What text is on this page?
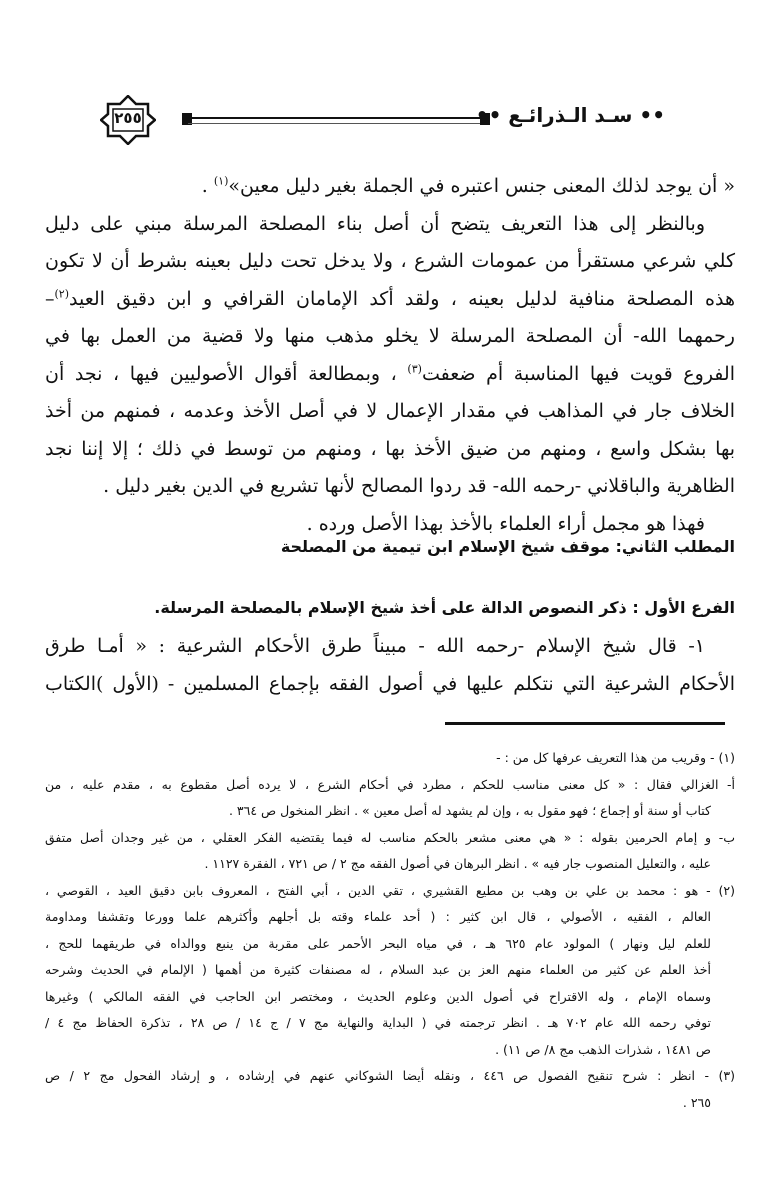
٢٥٥	•• سـد الـذرائـع ••
« أن يوجد لذلك المعنى جنس اعتبره في الجملة بغير دليل معين»$^{(١)}$ .
وبالنظر إلى هذا التعريف يتضح أن أصل بناء المصلحة المرسلة مبني على دليل
كلي شرعي مستقرأ من عمومات الشرع ، ولا يدخل تحت دليل بعينه بشرط أن لا تكون
هذه المصلحة منافية لدليل بعينه ، ولقد أكد الإمامان القرافي و ابن دقيق العيد$^{(٢)}$–
رحمهما الله- أن المصلحة المرسلة لا يخلو مذهب منها ولا قضية من العمل بها في
الفروع قويت فيها المناسبة أم ضعفت$^{(٣)}$ ، وبمطالعة أقوال الأصوليين فيها ، نجد أن
الخلاف جار في المذاهب في مقدار الإعمال لا في أصل الأخذ وعدمه ، فمنهم من أخذ
بها بشكل واسع ، ومنهم من ضيق الأخذ بها ، ومنهم من توسط في ذلك ؛ إلا إننا نجد
الظاهرية والباقلاني -رحمه الله- قد ردوا المصالح لأنها تشريع في الدين بغير دليل .
فهذا هو مجمل أراء العلماء بالأخذ بهذا الأصل ورده .
المطلب الثاني: موقف شيخ الإسلام ابن تيمية من المصلحة
الفرع الأول : ذكر النصوص الدالة على أخذ شيخ الإسلام بالمصلحة المرسلة.
١- قال شيخ الإسلام -رحمه الله - مبيناً طرق الأحكام الشرعية : « أمـا طرق
الأحكام الشرعية التي نتكلم عليها في أصول الفقه بإجماع المسلمين - (الأول )الكتاب
(١) - وقريب من هذا التعريف عرفها كل من : -
أ- الغزالي فقال : « كل معنى مناسب للحكم ، مطرد في أحكام الشرع ، لا يرده أصل مقطوع به ، مقدم عليه ، من
كتاب أو سنة أو إجماع ؛ فهو مقول به ، وإن لم يشهد له أصل معين » . انظر المنخول ص ٣٦٤ .
ب- و إمام الحرمين بقوله : « هي معنى مشعر بالحكم مناسب له فيما يقتضيه الفكر العقلي ، من غير وجدان أصل متفق
عليه ، والتعليل المنصوب جار فيه » . انظر البرهان في أصول الفقه مج ٢ / ص ٧٢١ ، الفقرة ١١٢٧ .
(٢) - هو : محمد بن علي بن وهب بن مطيع القشيري ، تقي الدين ، أبي الفتح ، المعروف بابن دقيق العيد ، القوصي ،
العالم ، الفقيه ، الأصولي ، قال ابن كثير : ( أحد علماء وقته بل أجلهم وأكثرهم علما وورعا وتقشفا ومداومة
للعلم ليل ونهار ) المولود عام ٦٢٥ هـ ، في مياه البحر الأحمر على مقربة من ينبع ووالداه في طريقهما للحج ،
أخذ العلم عن كثير من العلماء منهم العز بن عبد السلام ، له مصنفات كثيرة من أهمها ( الإلمام في الحديث وشرحه
وسماه الإمام ، وله الاقتراح في أصول الدين وعلوم الحديث ، ومختصر ابن الحاجب في الفقه المالكي ) وغيرها
توفي رحمه الله عام ٧٠٢ هـ . انظر ترجمته في ( البداية والنهاية مج ٧ / ج ١٤ / ص ٢٨ ، تذكرة الحفاظ مج ٤ /
ص ١٤٨١ ، شذرات الذهب مج ٨/ ص ١١) .
(٣) - انظر : شرح تنقيح الفصول ص ٤٤٦ ، ونقله أيضا الشوكاني عنهم في إرشاده ، و إرشاد الفحول مج ٢ / ص
٢٦٥ .
